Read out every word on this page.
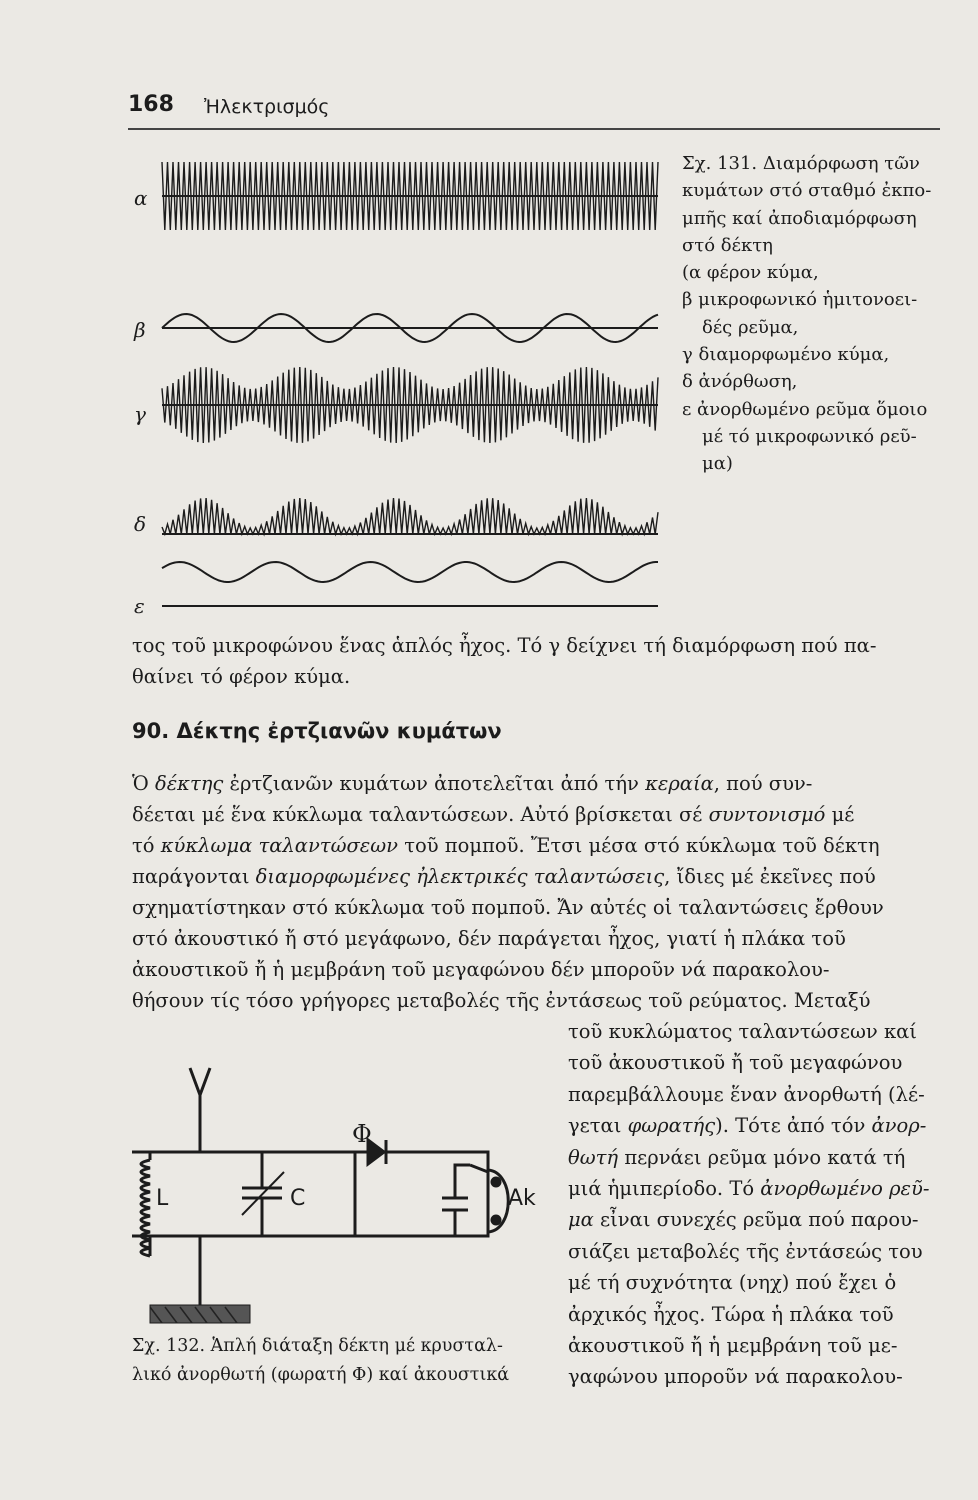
168 Ἠλεκτρισμός
α
β
γ
δ
ε
Σχ. 131. Διαμόρφωση τῶν
κυμάτων στό σταθμό ἐκπο-
μπῆς καί ἀποδιαμόρφωση
στό δέκτη
(α φέρον κύμα,
β μικροφωνικό ἡμιτονοει-
δές ρεῦμα,
γ διαμορφωμένο κύμα,
δ ἀνόρθωση,
ε ἀνορθωμένο ρεῦμα ὅμοιο
μέ τό μικροφωνικό ρεῦ-
μα)
τος τοῦ μικροφώνου ἕνας ἁπλός ἦχος. Τό γ δείχνει τή διαμόρφωση πού πα-
θαίνει τό φέρον κύμα.
90. Δέκτης ἐρτζιανῶν κυμάτων
Ὁ δέκτης ἐρτζιανῶν κυμάτων ἀποτελεῖται ἀπό τήν κεραία, πού συν-
δέεται μέ ἕνα κύκλωμα ταλαντώσεων. Αὐτό βρίσκεται σέ συντονισμό μέ
τό κύκλωμα ταλαντώσεων τοῦ πομποῦ. Ἔτσι μέσα στό κύκλωμα τοῦ δέκτη
παράγονται διαμορφωμένες ἠλεκτρικές ταλαντώσεις, ἴδιες μέ ἐκεῖνες πού
σχηματίστηκαν στό κύκλωμα τοῦ πομποῦ. Ἄν αὐτές οἱ ταλαντώσεις ἔρθουν
στό ἀκουστικό ἤ στό μεγάφωνο, δέν παράγεται ἦχος, γιατί ἡ πλάκα τοῦ
ἀκουστικοῦ ἤ ἡ μεμβράνη τοῦ μεγαφώνου δέν μποροῦν νά παρακολου-
θήσουν τίς τόσο γρήγορες μεταβολές τῆς ἐντάσεως τοῦ ρεύματος. Μεταξύ
τοῦ κυκλώματος ταλαντώσεων καί
τοῦ ἀκουστικοῦ ἤ τοῦ μεγαφώνου
παρεμβάλλουμε ἕναν ἀνορθωτή (λέ-
γεται φωρατής). Τότε ἀπό τόν ἀνορ-
θωτή περνάει ρεῦμα μόνο κατά τή
μιά ἡμιπερίοδο. Τό ἀνορθωμένο ρεῦ-
μα εἶναι συνεχές ρεῦμα πού παρου-
σιάζει μεταβολές τῆς ἐντάσεώς του
μέ τή συχνότητα (νηχ) πού ἔχει ὁ
ἀρχικός ἦχος. Τώρα ἡ πλάκα τοῦ
ἀκουστικοῦ ἤ ἡ μεμβράνη τοῦ με-
γαφώνου μποροῦν νά παρακολου-
Φ
L	C	Ak
Σχ. 132. Ἁπλή διάταξη δέκτη μέ κρυσταλ-
λικό ἀνορθωτή (φωρατή Φ) καί ἀκουστικά
